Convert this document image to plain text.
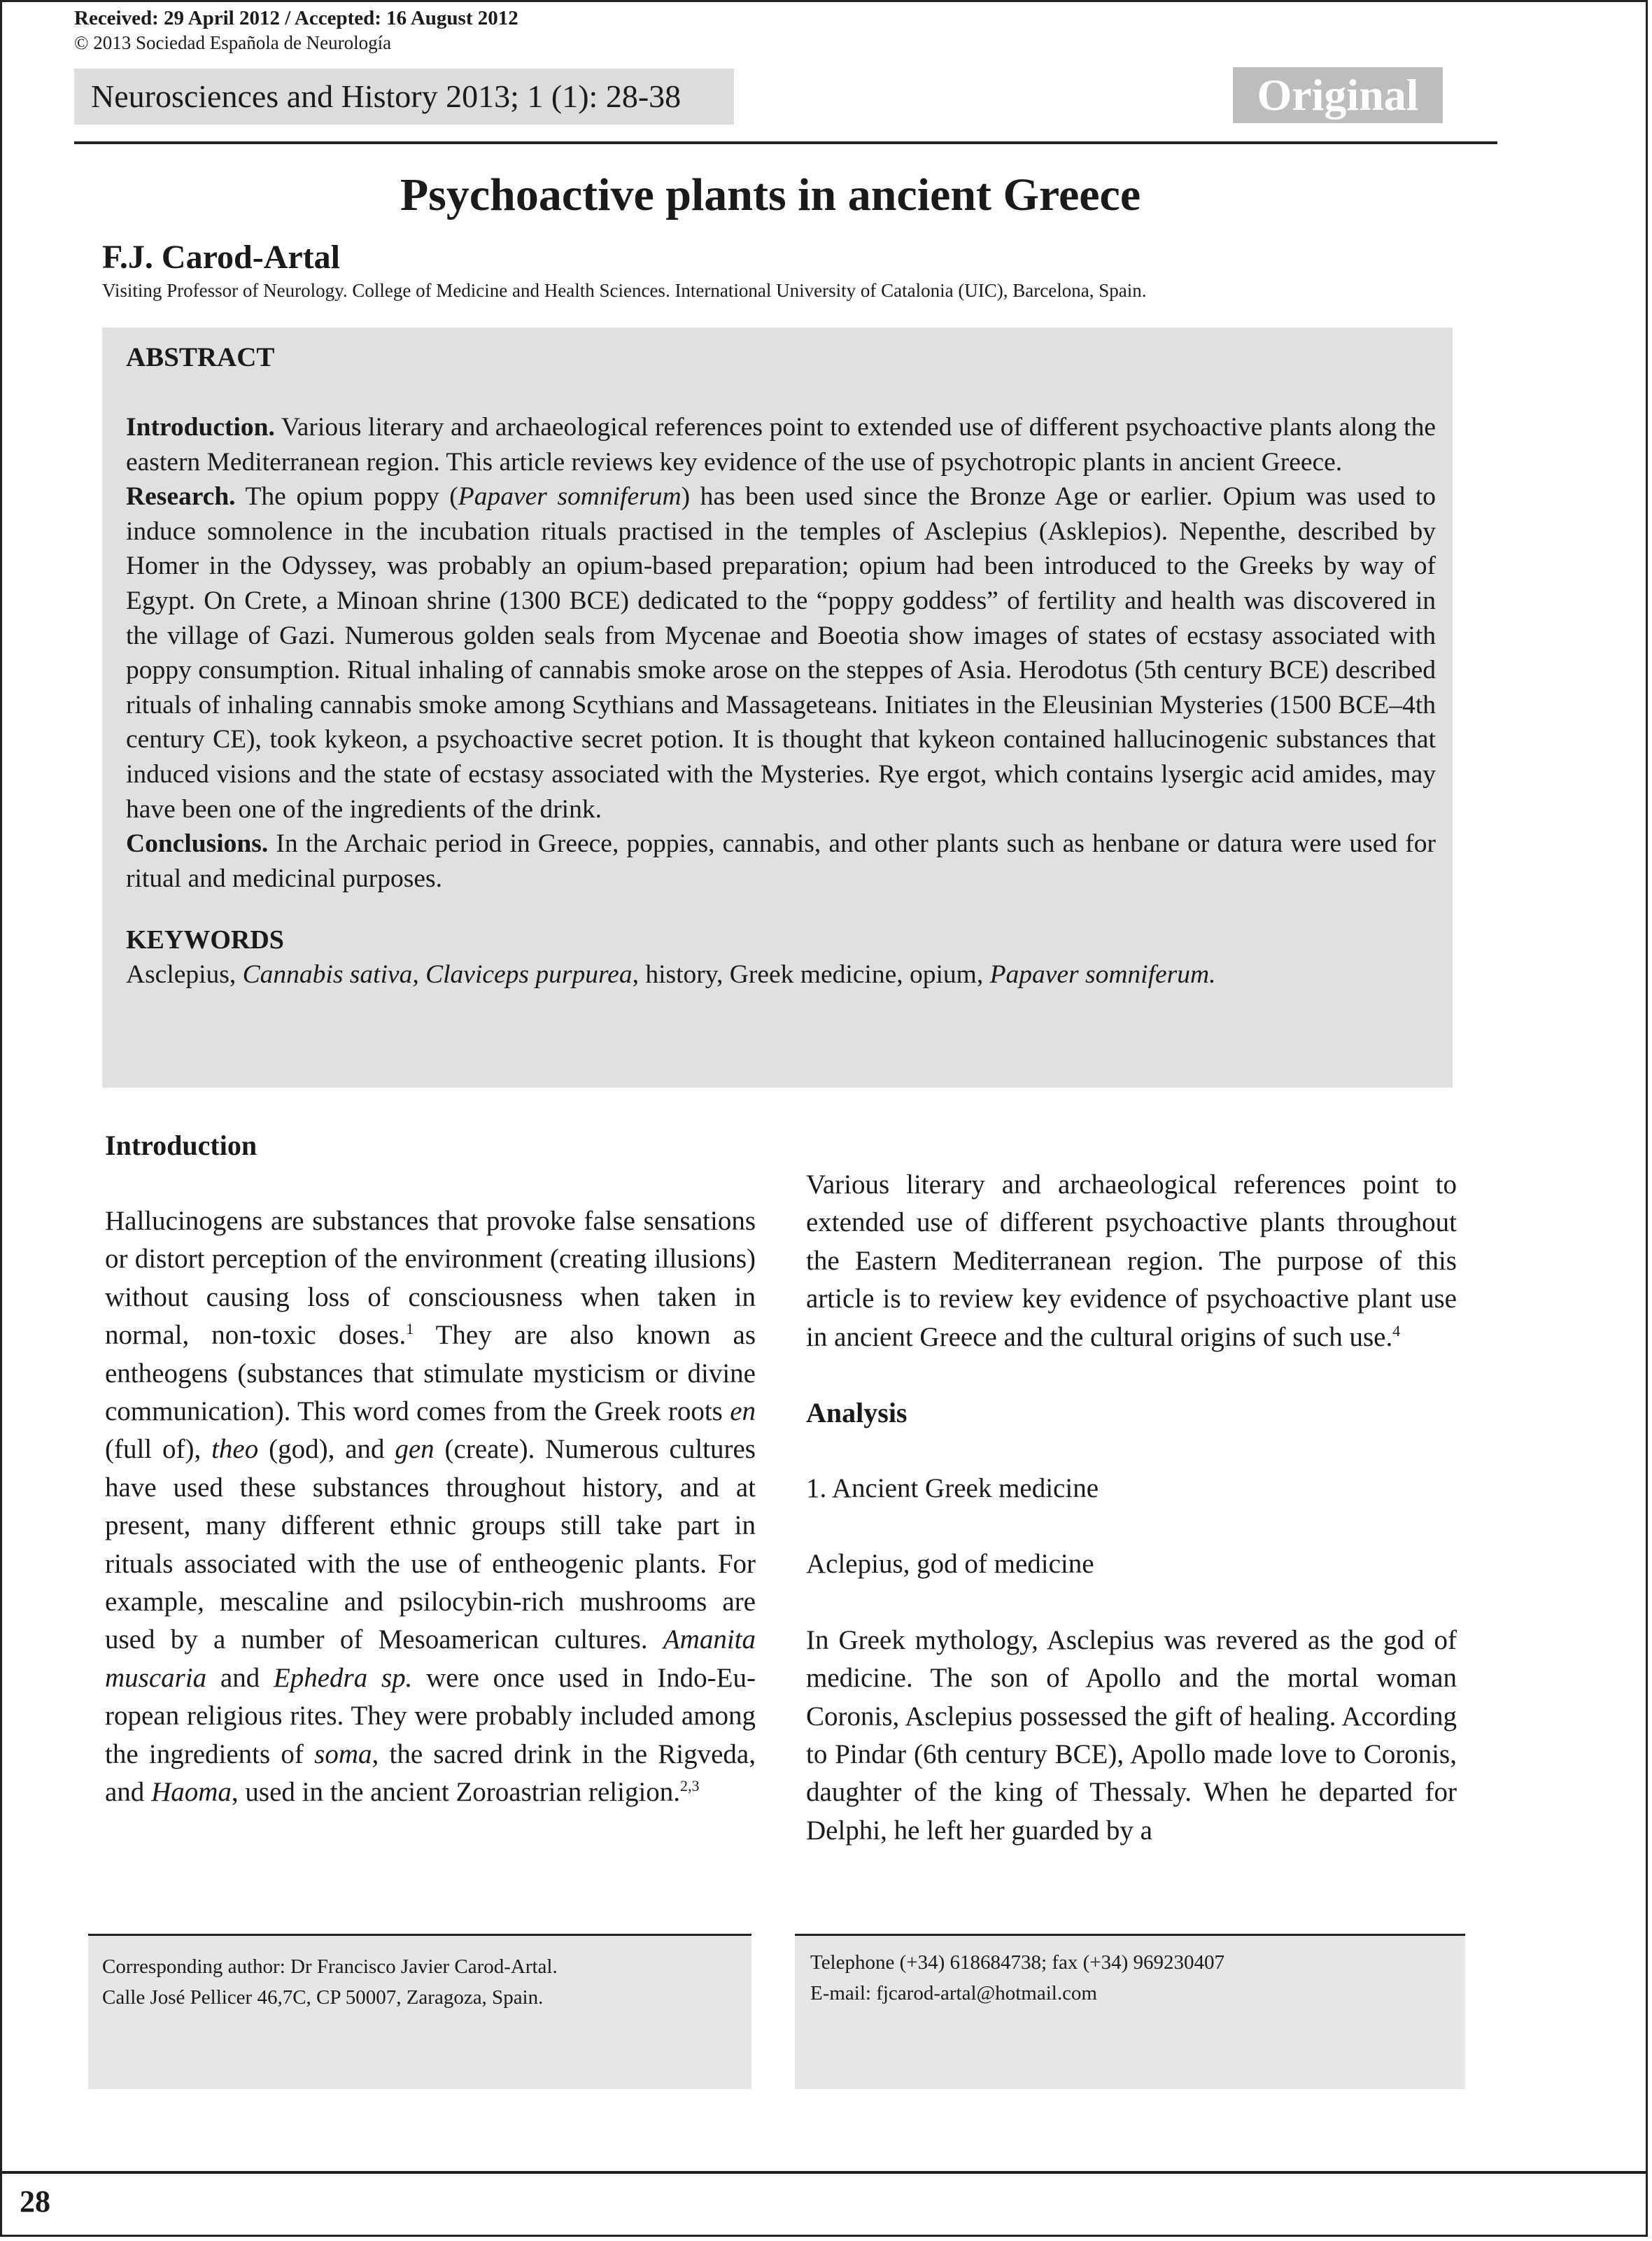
Received: 29 April 2012 / Accepted: 16 August 2012
© 2013 Sociedad Española de Neurología
Neurosciences and History 2013; 1 (1): 28-38	Original
Psychoactive plants in ancient Greece
F.J. Carod-Artal
Visiting Professor of Neurology. College of Medicine and Health Sciences. International University of Catalonia (UIC), Barcelona, Spain.
ABSTRACT

Introduction. Various literary and archaeological references point to extended use of different psychoactive plants along the eastern Mediterranean region. This article reviews key evidence of the use of psychotropic plants in ancient Greece.

Research. The opium poppy (Papaver somniferum) has been used since the Bronze Age or earlier. Opium was used to induce somnolence in the incubation rituals practised in the temples of Asclepius (Asklepios). Nepenthe, described by Homer in the Odyssey, was probably an opium-based preparation; opium had been introduced to the Greeks by way of Egypt. On Crete, a Minoan shrine (1300 BCE) dedicated to the “poppy goddess” of fertility and health was discovered in the village of Gazi. Numerous golden seals from Mycenae and Boeotia show images of states of ecstasy associated with poppy consumption. Ritual inhaling of cannabis smoke arose on the steppes of Asia. Herodotus (5th century BCE) described rituals of inhaling cannabis smoke among Scythians and Massageteans. Initiates in the Eleusinian Mysteries (1500 BCE–4th century CE), took kykeon, a psychoactive secret potion. It is thought that kykeon contained hallucinogenic substances that induced visions and the state of ecstasy associated with the Mysteries. Rye ergot, which contains lysergic acid amides, may have been one of the ingredients of the drink.

Conclusions. In the Archaic period in Greece, poppies, cannabis, and other plants such as henbane or datura were used for ritual and medicinal purposes.

KEYWORDS

Asclepius, Cannabis sativa, Claviceps purpurea, history, Greek medicine, opium, Papaver somniferum.

Introduction

Hallucinogens are substances that provoke false sensations or distort perception of the environment (creating illusions) without causing loss of consciousness when taken in normal, non-toxic doses.$^1$ They are also known as entheogens (substances that stimulate mysticism or divine communication). This word comes from the Greek roots en (full of), theo (god), and gen (create). Numerous cultures have used these substances throughout history, and at present, many different ethnic groups still take part in rituals associated with the use of entheogenic plants. For example, mescaline and psilocybin-rich mushrooms are used by a number of Mesoamerican cultures. Amanita muscaria and Ephedra sp. were once used in Indo-European religious rites. They were probably included among the ingredients of soma, the sacred drink in the Rigveda, and Haoma, used in the ancient Zoroastrian religion.$^{2,3}$

Various literary and archaeological references point to extended use of different psychoactive plants throughout the Eastern Mediterranean region. The purpose of this article is to review key evidence of psychoactive plant use in ancient Greece and the cultural origins of such use.$^4$

Analysis

1. Ancient Greek medicine

Aclepius, god of medicine

In Greek mythology, Asclepius was revered as the god of medicine. The son of Apollo and the mortal woman Coronis, Asclepius possessed the gift of healing. According to Pindar (6th century BCE), Apollo made love to Coronis, daughter of the king of Thessaly. When he departed for Delphi, he left her guarded by a

Corresponding author: Dr Francisco Javier Carod-Artal.
Calle José Pellicer 46,7C, CP 50007, Zaragoza, Spain.
Telephone (+34) 618684738; fax (+34) 969230407
E-mail: fjcarod-artal@hotmail.com
28
